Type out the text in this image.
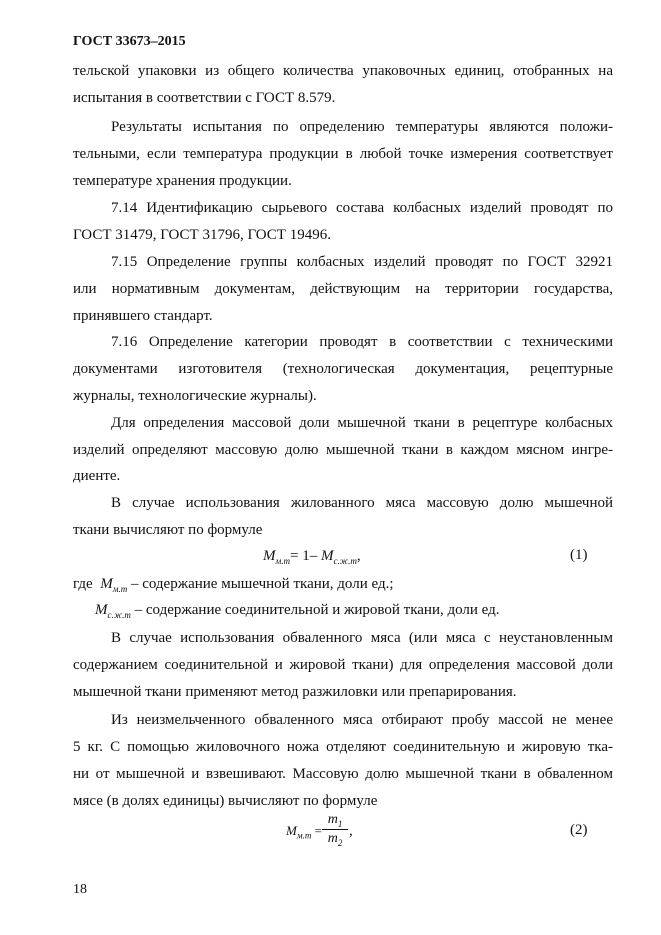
ГОСТ 33673–2015
тельской упаковки из общего количества упаковочных единиц, отобранных на
испытания в соответствии с ГОСТ 8.579.
Результаты испытания по определению температуры являются положи-
тельными, если температура продукции в любой точке измерения соответствует
температуре хранения продукции.
7.14 Идентификацию сырьевого состава колбасных изделий проводят по
ГОСТ 31479, ГОСТ 31796, ГОСТ 19496.
7.15 Определение группы колбасных изделий проводят по ГОСТ 32921
или нормативным документам, действующим на территории государства,
принявшего стандарт.
7.16 Определение категории проводят в соответствии с техническими
документами изготовителя (технологическая документация, рецептурные
журналы, технологические журналы).
Для определения массовой доли мышечной ткани в рецептуре колбасных
изделий определяют массовую долю мышечной ткани в каждом мясном ингре-
диенте.
В случае использования жилованного мяса массовую долю мышечной
ткани вычисляют по формуле
$M_{м.т}= 1-$ $M_{с.ж.т}$,	(1)
где $M_{м.т}$ – содержание мышечной ткани, доли ед.;
$M_{с.ж.т}$ – содержание соединительной и жировой ткани, доли ед.
В случае использования обваленного мяса (или мяса с неустановленным
содержанием соединительной и жировой ткани) для определения массовой доли
мышечной ткани применяют метод разжиловки или препарирования.
Из неизмельченного обваленного мяса отбирают пробу массой не менее
5 кг. С помощью жиловочного ножа отделяют соединительную и жировую тка-
ни от мышечной и взвешивают. Массовую долю мышечной ткани в обваленном
мясе (в долях единицы) вычисляют по формуле
$M_{м.т}$ =
$m_1$
$m_2$
,	(2)
18
